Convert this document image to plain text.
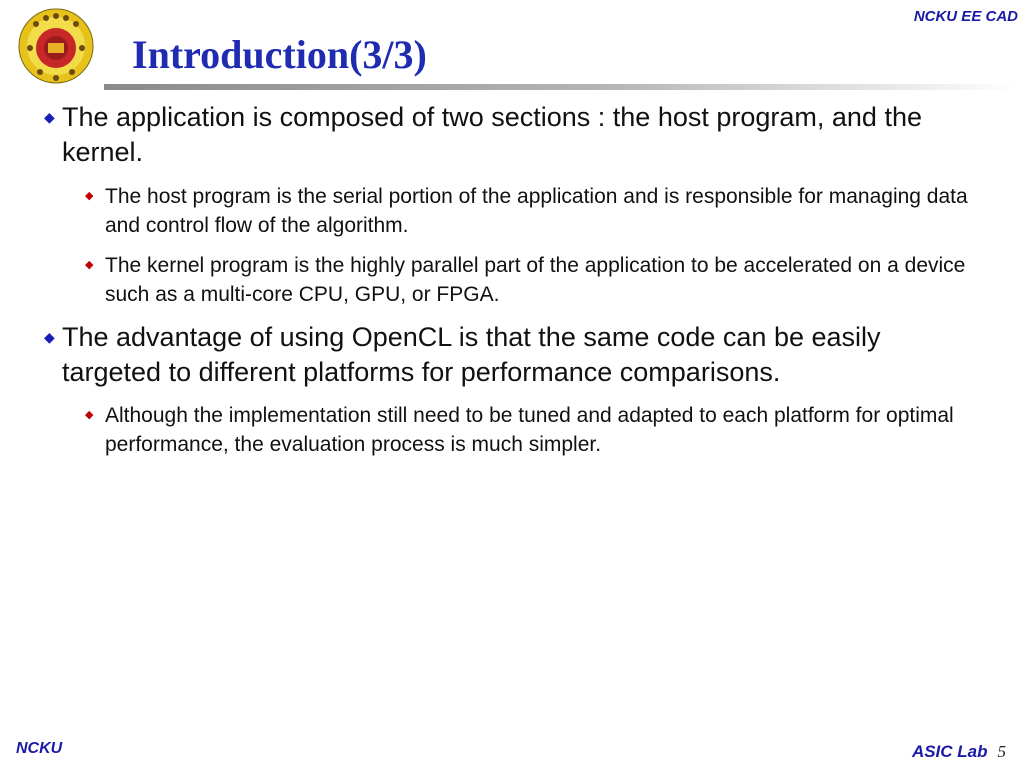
NCKU EE CAD
Introduction(3/3)
◆ The application is composed of two sections : the host program, and the kernel.
◆ The host program is the serial portion of the application and is responsible for managing data and control flow of the algorithm.
◆ The kernel program is the highly parallel part of the application to be accelerated on a device such as a multi-core CPU, GPU, or FPGA.
◆ The advantage of using OpenCL is that the same code can be easily targeted to different platforms for performance comparisons.
◆ Although the implementation still need to be tuned and adapted to each platform for optimal performance, the evaluation process is much simpler.
NCKU	ASIC Lab 5
